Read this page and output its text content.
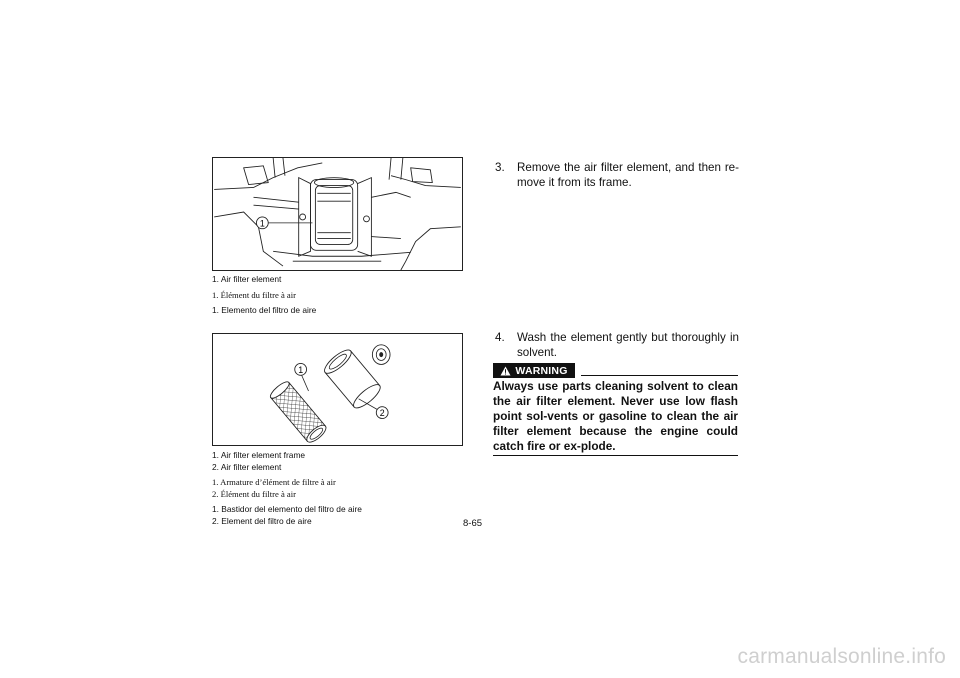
1
1. Air filter element
1. Élément du filtre à air
1. Elemento del filtro de aire
1
2
1. Air filter element frame
2. Air filter element
1. Armature d’élément de filtre à air
2. Élément du filtre à air
1. Bastidor del elemento del filtro de aire
2. Element del filtro de aire
3. Remove the air filter element, and then re-move it from its frame.
4. Wash the element gently but thoroughly in solvent.
WARNING
Always use parts cleaning solvent to clean the air filter element. Never use low flash point sol-vents or gasoline to clean the air filter element because the engine could catch fire or ex-plode.
8-65
carmanualsonline.info
